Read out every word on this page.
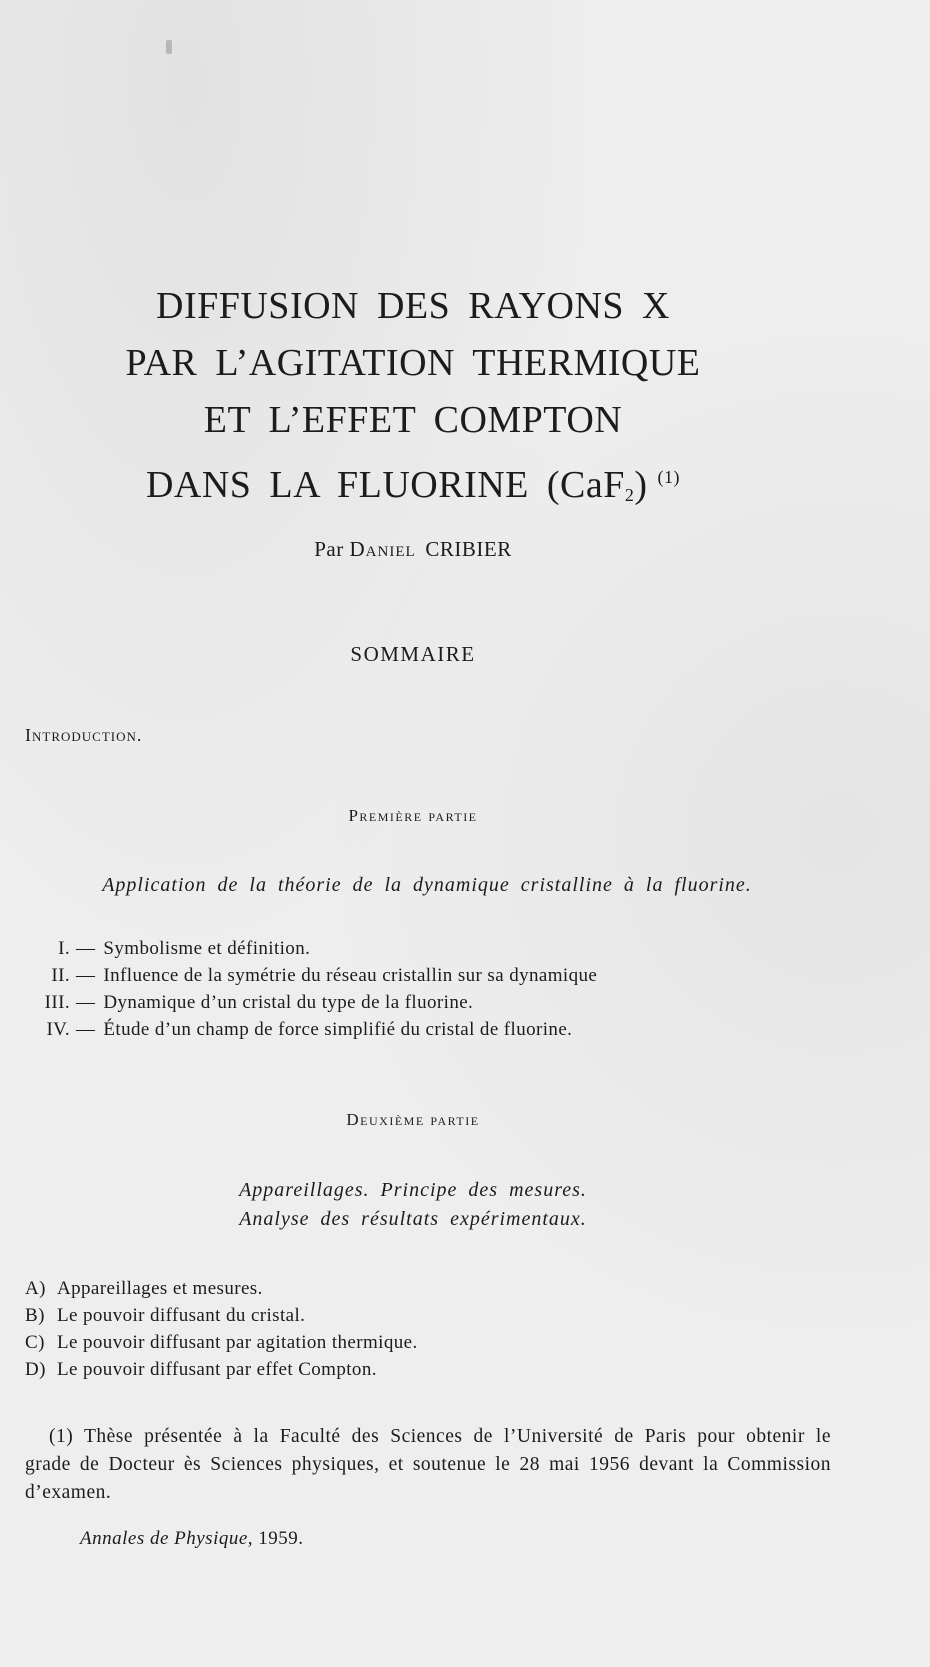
DIFFUSION DES RAYONS X
PAR L’AGITATION THERMIQUE
ET L’EFFET COMPTON
DANS LA FLUORINE (CaF$_2$) $^{(1)}$
Par Daniel CRIBIER
SOMMAIRE
Introduction.
Première partie
Application de la théorie de la dynamique cristalline à la fluorine.
I. — Symbolisme et définition.
II. — Influence de la symétrie du réseau cristallin sur sa dynamique
III. — Dynamique d’un cristal du type de la fluorine.
IV. — Étude d’un champ de force simplifié du cristal de fluorine.
Deuxième partie
Appareillages. Principe des mesures.
Analyse des résultats expérimentaux.
A) Appareillages et mesures.
B) Le pouvoir diffusant du cristal.
C) Le pouvoir diffusant par agitation thermique.
D) Le pouvoir diffusant par effet Compton.

(1) Thèse présentée à la Faculté des Sciences de l’Université de Paris pour obtenir le grade de Docteur ès Sciences physiques, et soutenue le 28 mai 1956 devant la Commission d’examen.

Annales de Physique, 1959.
